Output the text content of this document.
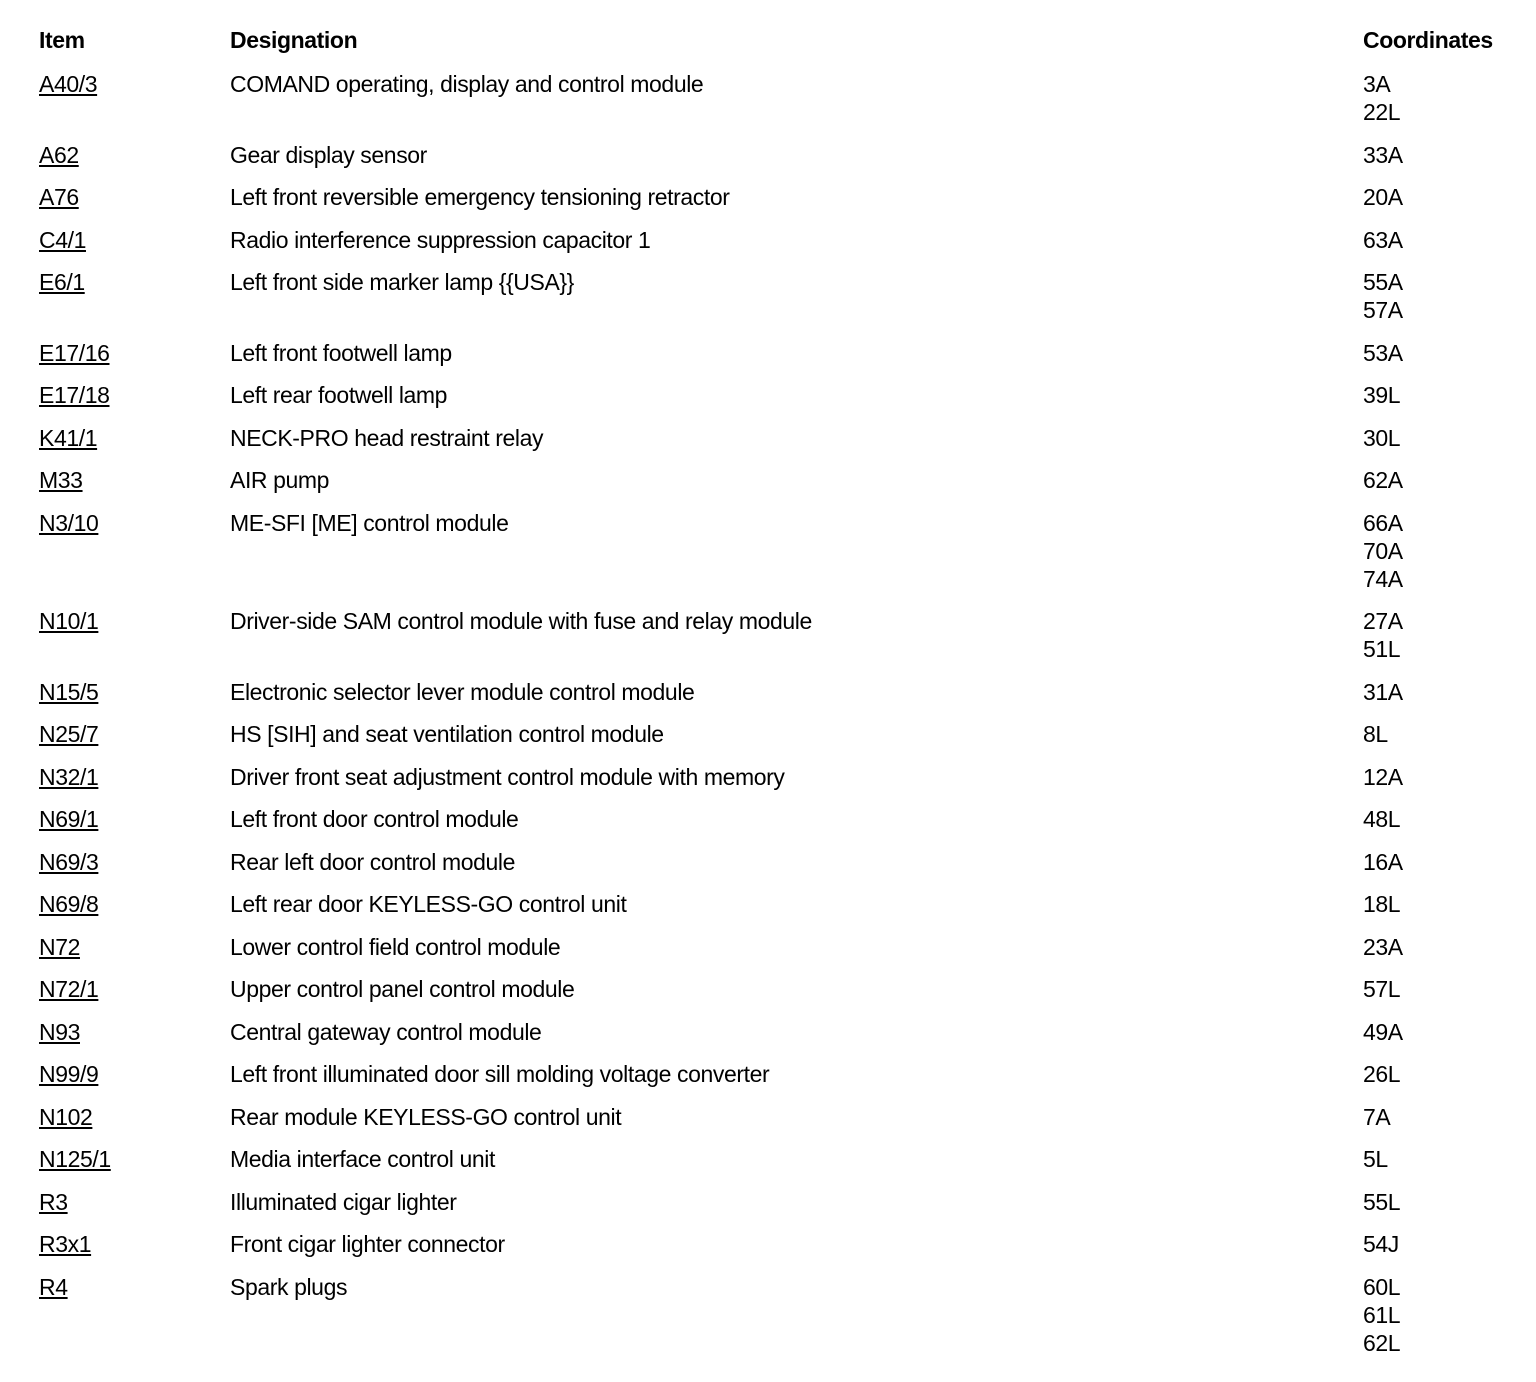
Item	Designation	Coordinates
A40/3	COMAND operating, display and control module	3A
22L

A62	Gear display sensor	33A

A76	Left front reversible emergency tensioning retractor	20A

C4/1	Radio interference suppression capacitor 1	63A

E6/1	Left front side marker lamp {{USA}}	55A
57A

E17/16	Left front footwell lamp	53A

E17/18	Left rear footwell lamp	39L

K41/1	NECK-PRO head restraint relay	30L

M33	AIR pump	62A

N3/10	ME-SFI [ME] control module	66A
70A
74A

N10/1	Driver-side SAM control module with fuse and relay module	27A
51L

N15/5	Electronic selector lever module control module	31A

N25/7	HS [SIH] and seat ventilation control module	8L

N32/1	Driver front seat adjustment control module with memory	12A

N69/1	Left front door control module	48L

N69/3	Rear left door control module	16A

N69/8	Left rear door KEYLESS-GO control unit	18L

N72	Lower control field control module	23A

N72/1	Upper control panel control module	57L

N93	Central gateway control module	49A

N99/9	Left front illuminated door sill molding voltage converter	26L

N102	Rear module KEYLESS-GO control unit	7A

N125/1	Media interface control unit	5L

R3	Illuminated cigar lighter	55L

R3x1	Front cigar lighter connector	54J

R4	Spark plugs	60L
61L
62L
